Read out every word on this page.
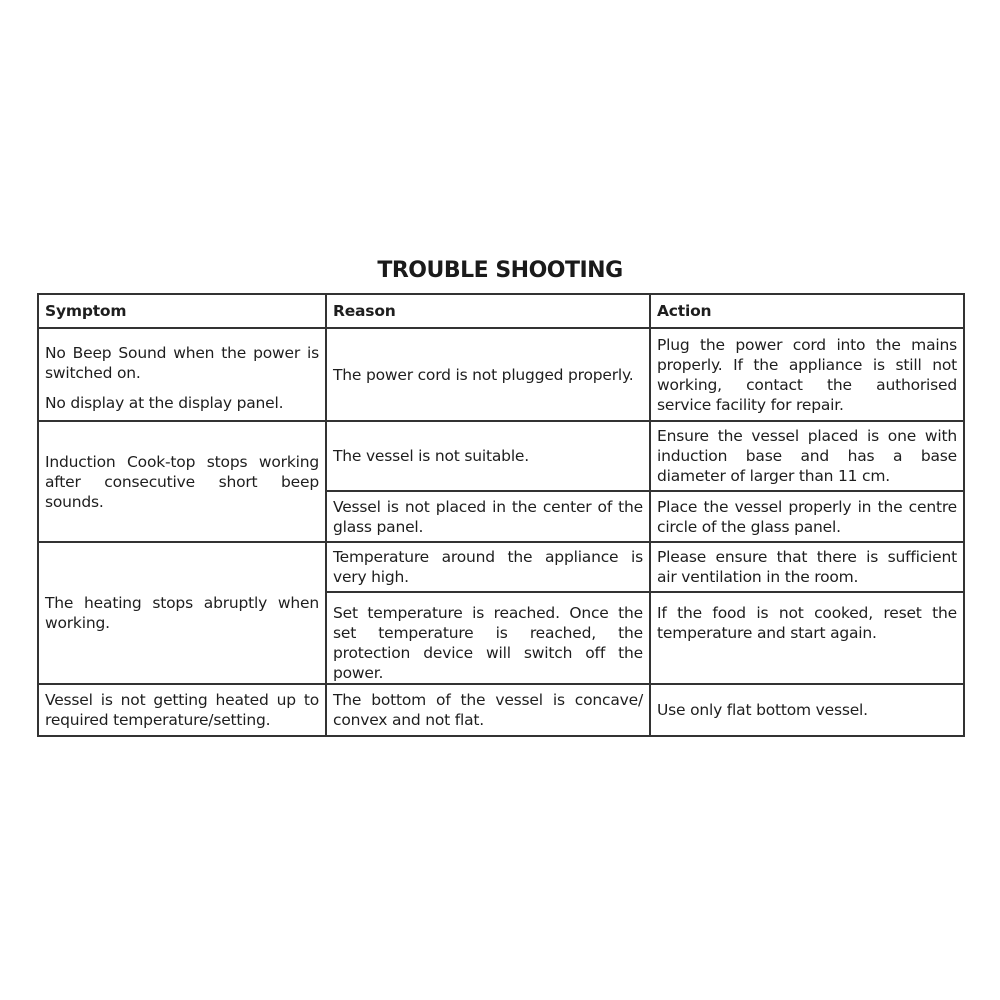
TROUBLE SHOOTING
Symptom	Reason	Action

No Beep Sound when the power is switched on.

No display at the display panel.	The power cord is not plugged properly.	Plug the power cord into the mains properly. If the appliance is still not working, contact the authorised service facility for repair.
Induction Cook-top stops working after consecutive short beep sounds.	The vessel is not suitable.	Ensure the vessel placed is one with induction base and has a base diameter of larger than 11 cm.
	Vessel is not placed in the center of the glass panel.	Place the vessel properly in the centre circle of the glass panel.
The heating stops abruptly when working.	Temperature around the appliance is very high.	Please ensure that there is sufficient air ventilation in the room.
	Set temperature is reached. Once the set temperature is reached, the protection device will switch off the power.	If the food is not cooked, reset the temperature and start again.
Vessel is not getting heated up to required temperature/setting.	The bottom of the vessel is concave/ convex and not flat.	Use only flat bottom vessel.
